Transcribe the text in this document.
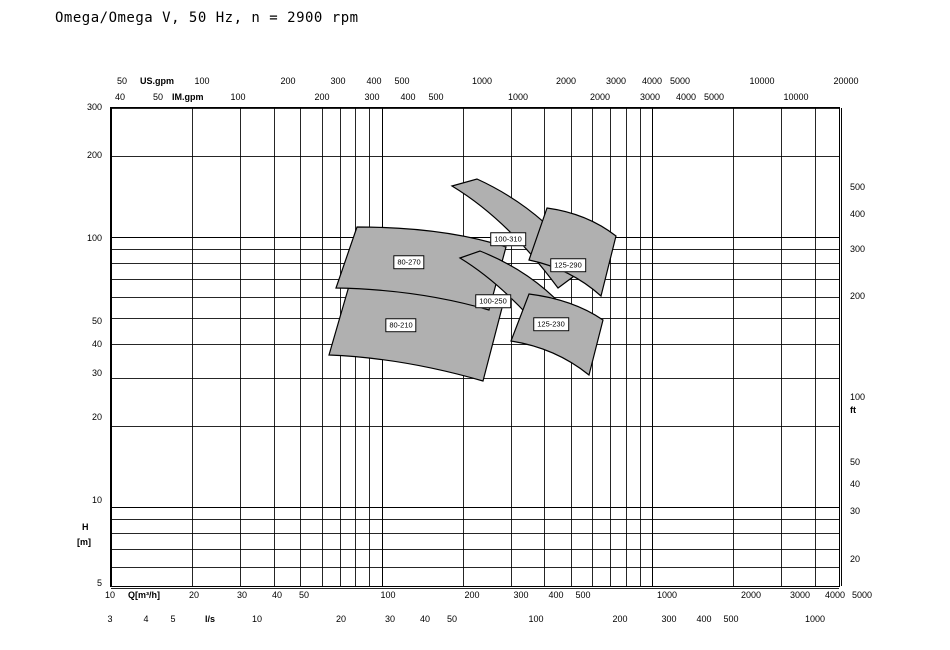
Omega/Omega V, 50 Hz, n = 2900 rpm
50	100	200	300 400 500	1000	2000	3000 4000 5000	10000	20000
US.gpm
40	50	100	200	300 400 500	1000	2000	3000 4000 5000	10000
IM.gpm
80-210
80-270
100-250
100-310
125-230
125-290
10	20	30	40 50	100	200	300 400 500	1000	2000	3000 4000 5000
Q[m³/h]
3	4 5	10	20	30	40 50	100	200	300 400 500	1000
l/s
300
200
100
50
40
30
20
10
5
H
[m]
500
400
300
200
100
50
40
30
20
ft
